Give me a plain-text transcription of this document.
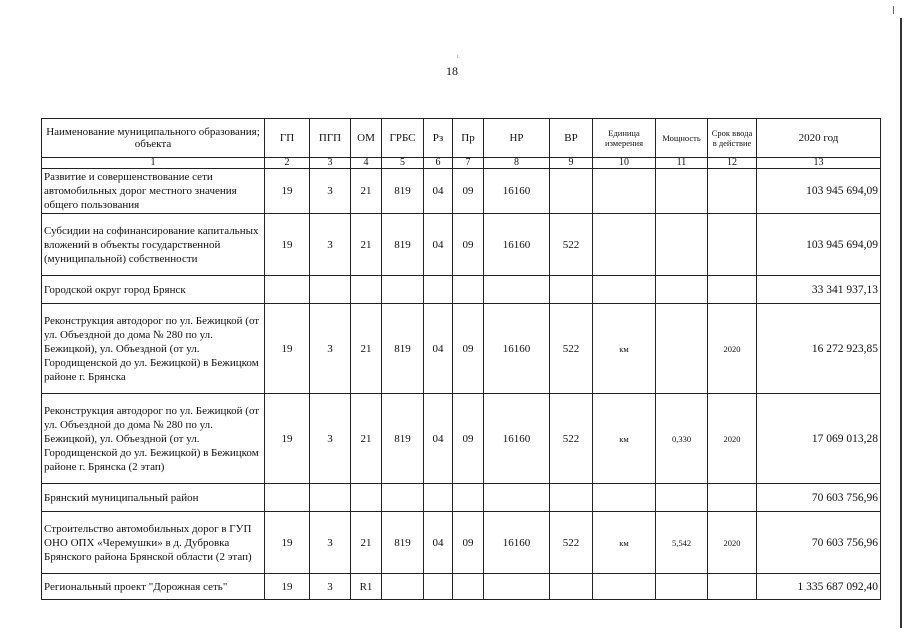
i.
18
Наименование муниципального образования; объекта	ГП	ПГП	ОМ	ГРБС	Рз	Пр	НР	ВР	Единица измерения	Мощность	Срок ввода в действие	2020 год
1	2	3	4	5	6	7	8	9	10	11	12	13
Развитие и совершенствование сети автомобильных дорог местного значения общего пользования	19	3	21	819	04	09	16160					103 945 694,09
Субсидии на софинансирование капитальных вложений в объекты государственной (муниципальной) собственности	19	3	21	819	04	09	16160	522				103 945 694,09
Городской округ город Брянск												33 341 937,13
Реконструкция автодорог по ул. Бежицкой (от ул. Объездной до дома № 280 по ул. Бежицкой), ул. Объездной (от ул. Городищенской до ул. Бежицкой) в Бежицком районе г. Брянска	19	3	21	819	04	09	16160	522	км		2020	16 272 923,85
Реконструкция автодорог по ул. Бежицкой (от ул. Объездной до дома № 280 по ул. Бежицкой), ул. Объездной (от ул. Городищенской до ул. Бежицкой) в Бежицком районе г. Брянска (2 этап)	19	3	21	819	04	09	16160	522	км	0,330	2020	17 069 013,28
Брянский муниципальный район												70 603 756,96
Строительство автомобильных дорог в ГУП ОНО ОПХ «Черемушки» в д. Дубровка Брянского района Брянской области (2 этап)	19	3	21	819	04	09	16160	522	км	5,542	2020	70 603 756,96
Региональный проект "Дорожная сеть"	19	3	R1									1 335 687 092,40
